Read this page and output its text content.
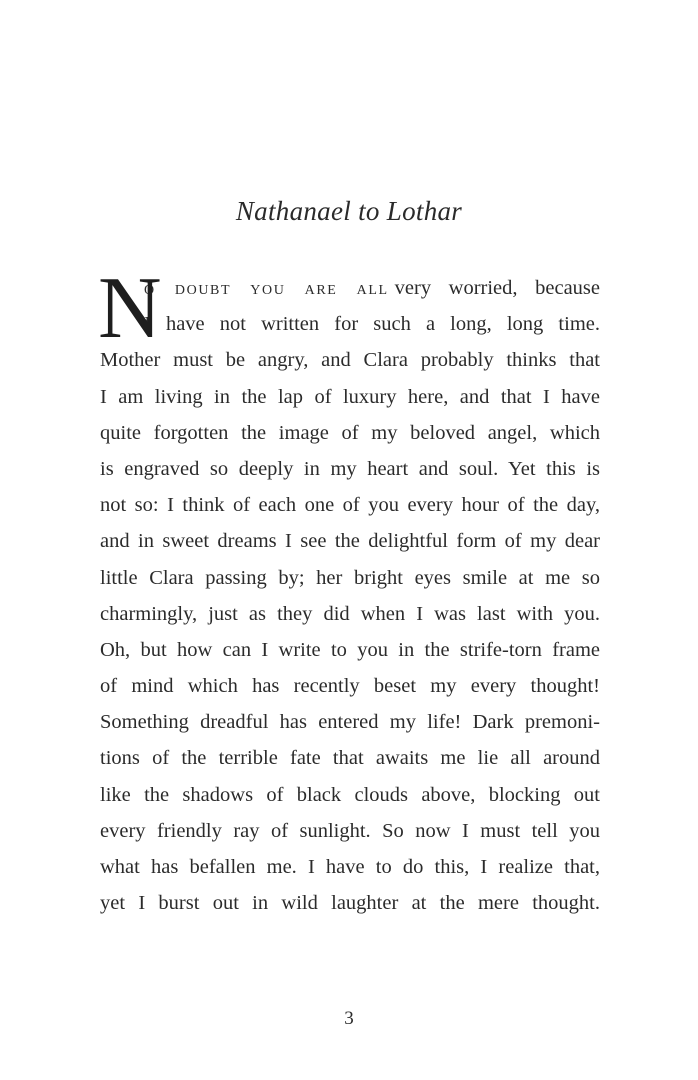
Nathanael to Lothar
N
o doubt you are all very worried, because
I have not written for such a long, long time.
Mother must be angry, and Clara probably thinks that
I am living in the lap of luxury here, and that I have
quite forgotten the image of my beloved angel, which
is engraved so deeply in my heart and soul. Yet this is
not so: I think of each one of you every hour of the day,
and in sweet dreams I see the delightful form of my dear
little Clara passing by; her bright eyes smile at me so
charmingly, just as they did when I was last with you.
Oh, but how can I write to you in the strife-torn frame
of mind which has recently beset my every thought!
Something dreadful has entered my life! Dark premoni-
tions of the terrible fate that awaits me lie all around
like the shadows of black clouds above, blocking out
every friendly ray of sunlight. So now I must tell you
what has befallen me. I have to do this, I realize that,
yet I burst out in wild laughter at the mere thought.
3
